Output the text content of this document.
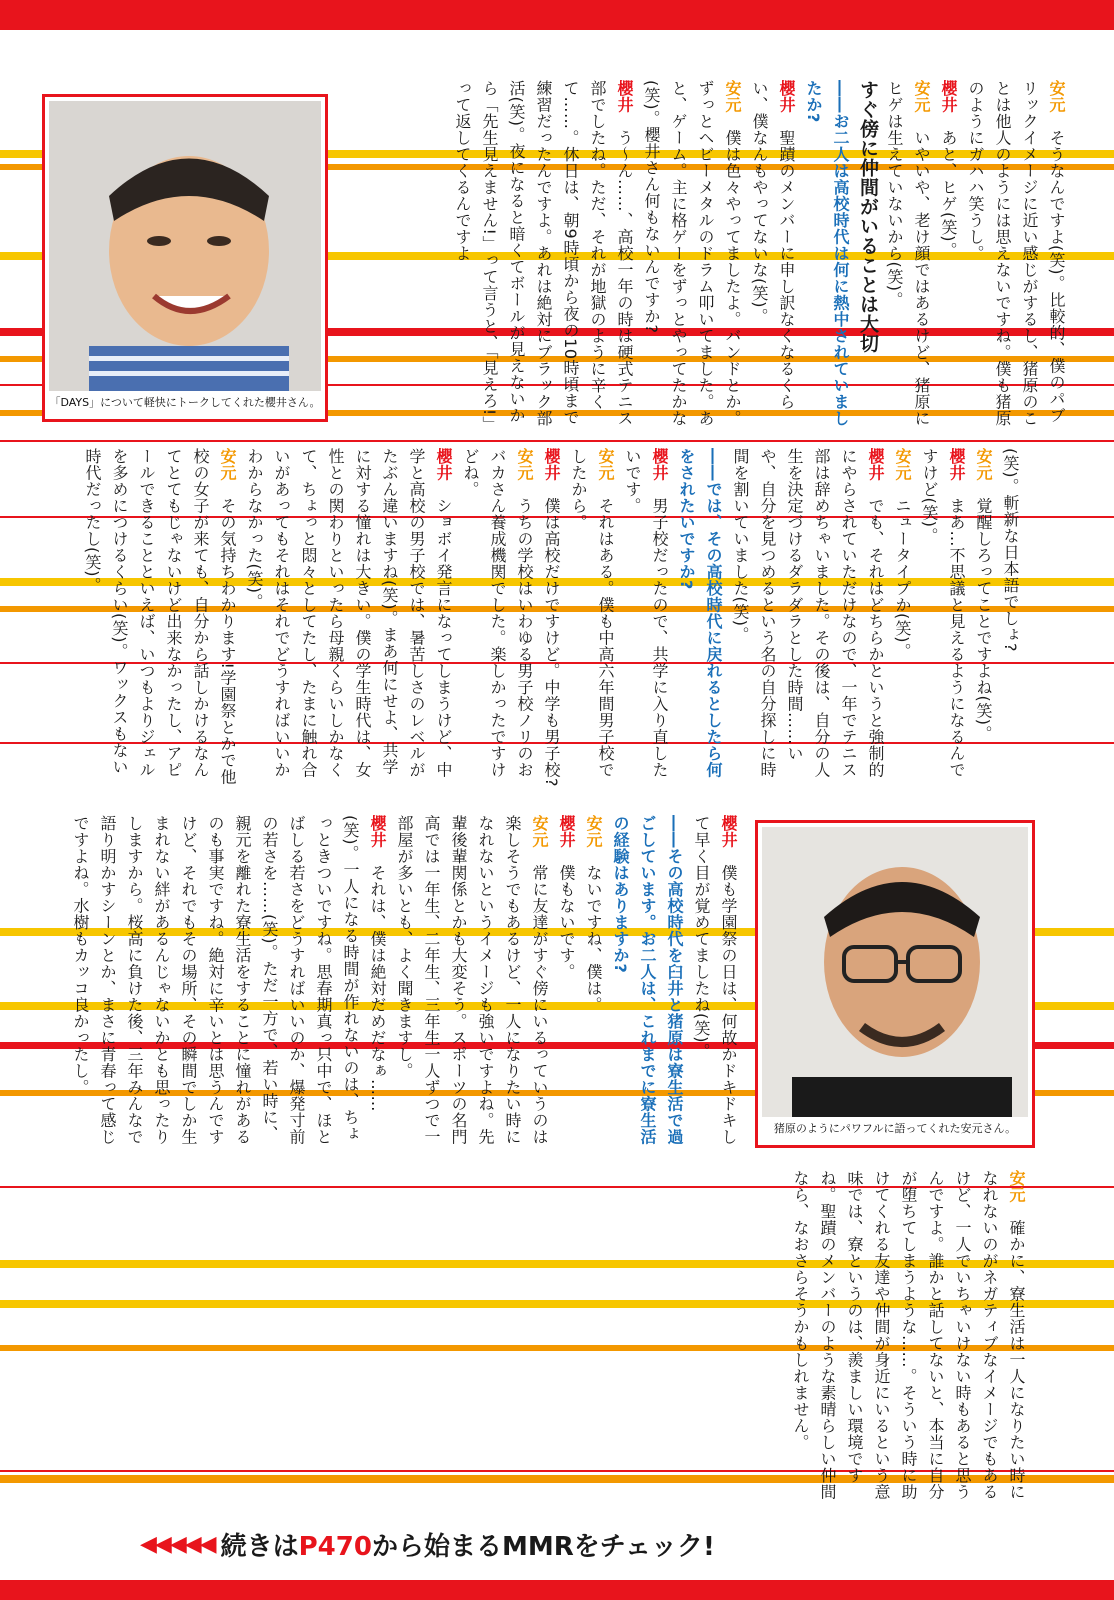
「DAYS」について軽快にトークしてくれた櫻井さん。
猪原のようにパワフルに語ってくれた安元さん。

安元　そうなんですよ(笑)。比較的、僕のパブリックイメージに近い感じがするし、猪原のことは他人のようには思えないですね。僕も猪原のようにガハハ笑うし。

櫻井　あと、ヒゲ(笑)。

安元　いやいや、老け顔ではあるけど、猪原にヒゲは生えていないから(笑)。

すぐ傍に仲間がいることは大切

――お二人は高校時代は何に熱中されていましたか?

櫻井　聖蹟のメンバーに申し訳なくなるくらい、僕なんもやってないな(笑)。

安元　僕は色々やってましたよ。バンドとか。ずっとヘビーメタルのドラム叩いてました。あと、ゲーム。主に格ゲーをずっとやってたかな(笑)。櫻井さん何もないんですか?

櫻井　う～ん……、高校一年の時は硬式テニス部でしたね。ただ、それが地獄のように辛くて……。休日は、朝9時頃から夜の10時頃まで練習だったんですよ。あれは絶対にブラック部活(笑)。夜になると暗くてボールが見えないから「先生見えません!」って言うと、「見えろ!」って返してくるんですよ

(笑)。斬新な日本語でしょ?

安元　覚醒しろってことですよね(笑)。

櫻井　まあ…不思議と見えるようになるんですけど(笑)。

安元　ニュータイプか(笑)。

櫻井　でも、それはどちらかというと強制的にやらされていただけなので、一年でテニス部は辞めちゃいました。その後は、自分の人生を決定づけるダラダラとした時間……いや、自分を見つめるという名の自分探しに時間を割いていました(笑)。

――では、その高校時代に戻れるとしたら何をされたいですか?

櫻井　男子校だったので、共学に入り直したいです。

安元　それはある。僕も中高六年間男子校でしたから。

櫻井　僕は高校だけですけど。中学も男子校?

安元　うちの学校はいわゆる男子校ノリのおバカさん養成機関でした。楽しかったですけどね。

櫻井　ショボイ発言になってしまうけど、中学と高校の男子校では、暑苦しさのレベルがたぶん違いますね(笑)。まあ何にせよ、共学に対する憧れは大きい。僕の学生時代は、女性との関わりといったら母親くらいしかなくて、ちょっと悶々としてたし、たまに触れ合いがあってもそれはそれでどうすればいいかわからなかった(笑)。

安元　その気持ちわかります!学園祭とかで他校の女子が来ても、自分から話しかけるなんてとてもじゃないけど出来なかったし、アピールできることといえば、いつもよりジェルを多めにつけるくらい(笑)。ワックスもない時代だったし(笑)。

櫻井　僕も学園祭の日は、何故かドキドキして早く目が覚めてましたね(笑)。

――その高校時代を臼井と猪原は寮生活で過ごしています。お二人は、これまでに寮生活の経験はありますか?

安元　ないですね、僕は。

櫻井　僕もないです。

安元　常に友達がすぐ傍にいるっていうのは楽しそうでもあるけど、一人になりたい時になれないというイメージも強いですよね。先輩後輩関係とかも大変そう。スポーツの名門高では一年生、二年生、三年生一人ずつで一部屋が多いとも、よく聞きますし。

櫻井　それは、僕は絶対だめだなぁ……(笑)。一人になる時間が作れないのは、ちょっときついですね。思春期真っ只中で、ほとばしる若さをどうすればいいのか、爆発寸前の若さを……(笑)。ただ一方で、若い時に、親元を離れた寮生活をすることに憧れがあるのも事実ですね。絶対に辛いとは思うんですけど、それでもその場所、その瞬間でしか生まれない絆があるんじゃないかとも思ったりしますから。桜高に負けた後、三年みんなで語り明かすシーンとか、まさに青春って感じですよね。水樹もカッコ良かったし。

安元　確かに、寮生活は一人になりたい時になれないのがネガティブなイメージでもあるけど、一人でいちゃいけない時もあると思うんですよ。誰かと話してないと、本当に自分が堕ちてしまうような……。そういう時に助けてくれる友達や仲間が身近にいるという意味では、寮というのは、羨ましい環境ですね。聖蹟のメンバーのような素晴らしい仲間なら、なおさらそうかもしれません。

◀◀◀◀◀ 続きはP470から始まるMMRをチェック!
